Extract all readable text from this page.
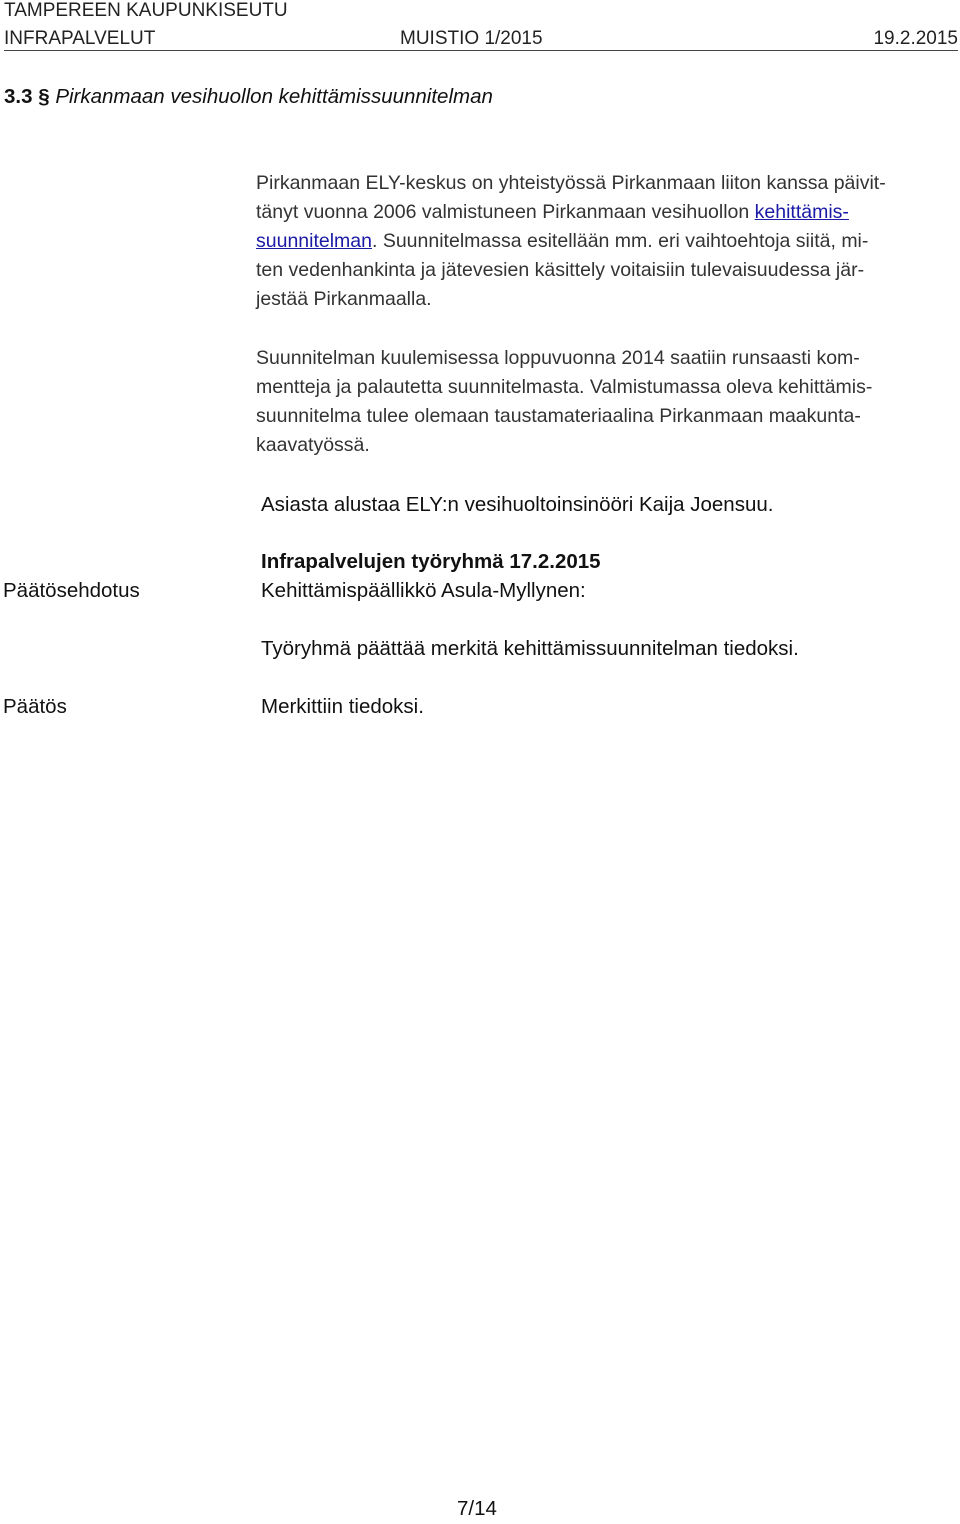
TAMPEREEN KAUPUNKISEUTU
INFRAPALVELUT	MUISTIO 1/2015	19.2.2015
3.3 § Pirkanmaan vesihuollon kehittämissuunnitelman
Pirkanmaan ELY-keskus on yhteistyössä Pirkanmaan liiton kanssa päivit-
tänyt vuonna 2006 valmistuneen Pirkanmaan vesihuollon kehittämis-
suunnitelman. Suunnitelmassa esitellään mm. eri vaihtoehtoja siitä, mi-
ten vedenhankinta ja jätevesien käsittely voitaisiin tulevaisuudessa jär-
jestää Pirkanmaalla.
Suunnitelman kuulemisessa loppuvuonna 2014 saatiin runsaasti kom-
mentteja ja palautetta suunnitelmasta. Valmistumassa oleva kehittämis-
suunnitelma tulee olemaan taustamateriaalina Pirkanmaan maakunta-
kaavatyössä.
Asiasta alustaa ELY:n vesihuoltoinsinööri Kaija Joensuu.
Infrapalvelujen työryhmä 17.2.2015
Päätösehdotus	Kehittämispäällikkö Asula-Myllynen:
Työryhmä päättää merkitä kehittämissuunnitelman tiedoksi.
Päätös	Merkittiin tiedoksi.
7/14
